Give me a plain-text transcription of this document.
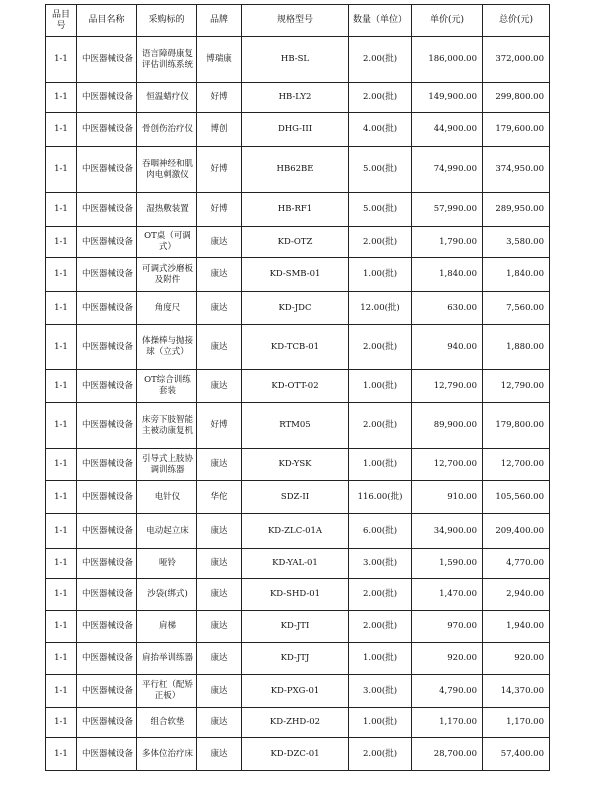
品目号	品目名称	采购标的	品牌	规格型号	数量（单位）	单价(元)	总价(元)
1-1	中医器械设备	语言障碍康复评估训练系统	博瑞康	HB-SL	2.00(批)	186,000.00	372,000.00
1-1	中医器械设备	恒温蜡疗仪	好博	HB-LY2	2.00(批)	149,900.00	299,800.00
1-1	中医器械设备	骨创伤治疗仪	博创	DHG-III	4.00(批)	44,900.00	179,600.00
1-1	中医器械设备	吞咽神经和肌肉电刺激仪	好博	HB62BE	5.00(批)	74,990.00	374,950.00
1-1	中医器械设备	湿热敷装置	好博	HB-RF1	5.00(批)	57,990.00	289,950.00
1-1	中医器械设备	OT桌（可调式）	康达	KD-OTZ	2.00(批)	1,790.00	3,580.00
1-1	中医器械设备	可调式沙磨板及附件	康达	KD-SMB-01	1.00(批)	1,840.00	1,840.00
1-1	中医器械设备	角度尺	康达	KD-JDC	12.00(批)	630.00	7,560.00
1-1	中医器械设备	体操棒与抛接球（立式）	康达	KD-TCB-01	2.00(批)	940.00	1,880.00
1-1	中医器械设备	OT综合训练套装	康达	KD-OTT-02	1.00(批)	12,790.00	12,790.00
1-1	中医器械设备	床旁下肢智能主被动康复机	好博	RTM05	2.00(批)	89,900.00	179,800.00
1-1	中医器械设备	引导式上肢协调训练器	康达	KD-YSK	1.00(批)	12,700.00	12,700.00
1-1	中医器械设备	电针仪	华佗	SDZ-II	116.00(批)	910.00	105,560.00
1-1	中医器械设备	电动起立床	康达	KD-ZLC-01A	6.00(批)	34,900.00	209,400.00
1-1	中医器械设备	哑铃	康达	KD-YAL-01	3.00(批)	1,590.00	4,770.00
1-1	中医器械设备	沙袋(绑式)	康达	KD-SHD-01	2.00(批)	1,470.00	2,940.00
1-1	中医器械设备	肩梯	康达	KD-JTI	2.00(批)	970.00	1,940.00
1-1	中医器械设备	肩抬举训练器	康达	KD-JTJ	1.00(批)	920.00	920.00
1-1	中医器械设备	平行杠（配矫正板）	康达	KD-PXG-01	3.00(批)	4,790.00	14,370.00
1-1	中医器械设备	组合软垫	康达	KD-ZHD-02	1.00(批)	1,170.00	1,170.00
1-1	中医器械设备	多体位治疗床	康达	KD-DZC-01	2.00(批)	28,700.00	57,400.00
